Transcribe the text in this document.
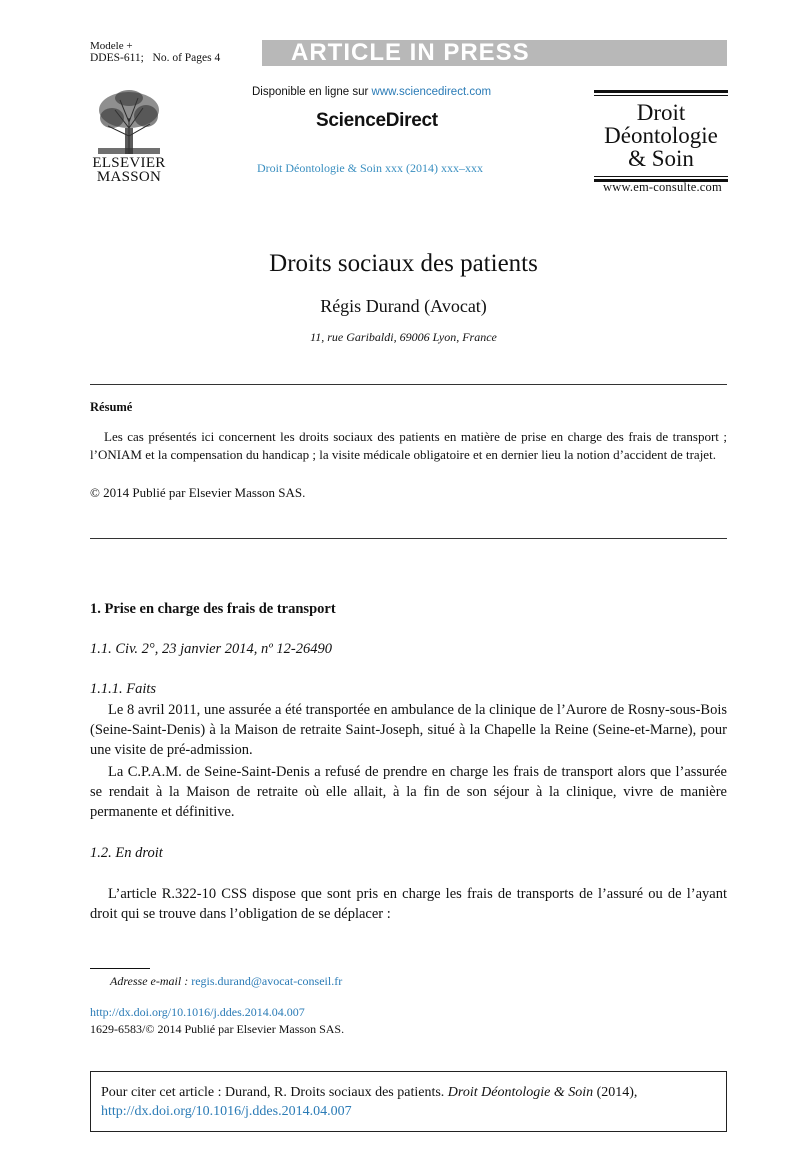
Modele +
DDES-611; No. of Pages 4	ARTICLE IN PRESS
ELSEVIER
MASSON
Disponible en ligne sur www.sciencedirect.com
ScienceDirect
Droit Déontologie & Soin xxx (2014) xxx–xxx
Droit
Déontologie
& Soin
www.em-consulte.com
Droits sociaux des patients
Régis Durand (Avocat)
11, rue Garibaldi, 69006 Lyon, France
Résumé
Les cas présentés ici concernent les droits sociaux des patients en matière de prise en charge des frais de transport ; l’ONIAM et la compensation du handicap ; la visite médicale obligatoire et en dernier lieu la notion d’accident de trajet.
© 2014 Publié par Elsevier Masson SAS.
1. Prise en charge des frais de transport
1.1. Civ. 2°, 23 janvier 2014, nº 12-26490
1.1.1. Faits
Le 8 avril 2011, une assurée a été transportée en ambulance de la clinique de l’Aurore de Rosny-sous-Bois (Seine-Saint-Denis) à la Maison de retraite Saint-Joseph, situé à la Chapelle la Reine (Seine-et-Marne), pour une visite de pré-admission.
La C.P.A.M. de Seine-Saint-Denis a refusé de prendre en charge les frais de transport alors que l’assurée se rendait à la Maison de retraite où elle allait, à la fin de son séjour à la clinique, vivre de manière permanente et définitive.
1.2. En droit
L’article R.322-10 CSS dispose que sont pris en charge les frais de transports de l’assuré ou de l’ayant droit qui se trouve dans l’obligation de se déplacer :
Adresse e-mail : regis.durand@avocat-conseil.fr
http://dx.doi.org/10.1016/j.ddes.2014.04.007
1629-6583/© 2014 Publié par Elsevier Masson SAS.
Pour citer cet article : Durand, R. Droits sociaux des patients. Droit Déontologie & Soin (2014),
http://dx.doi.org/10.1016/j.ddes.2014.04.007
